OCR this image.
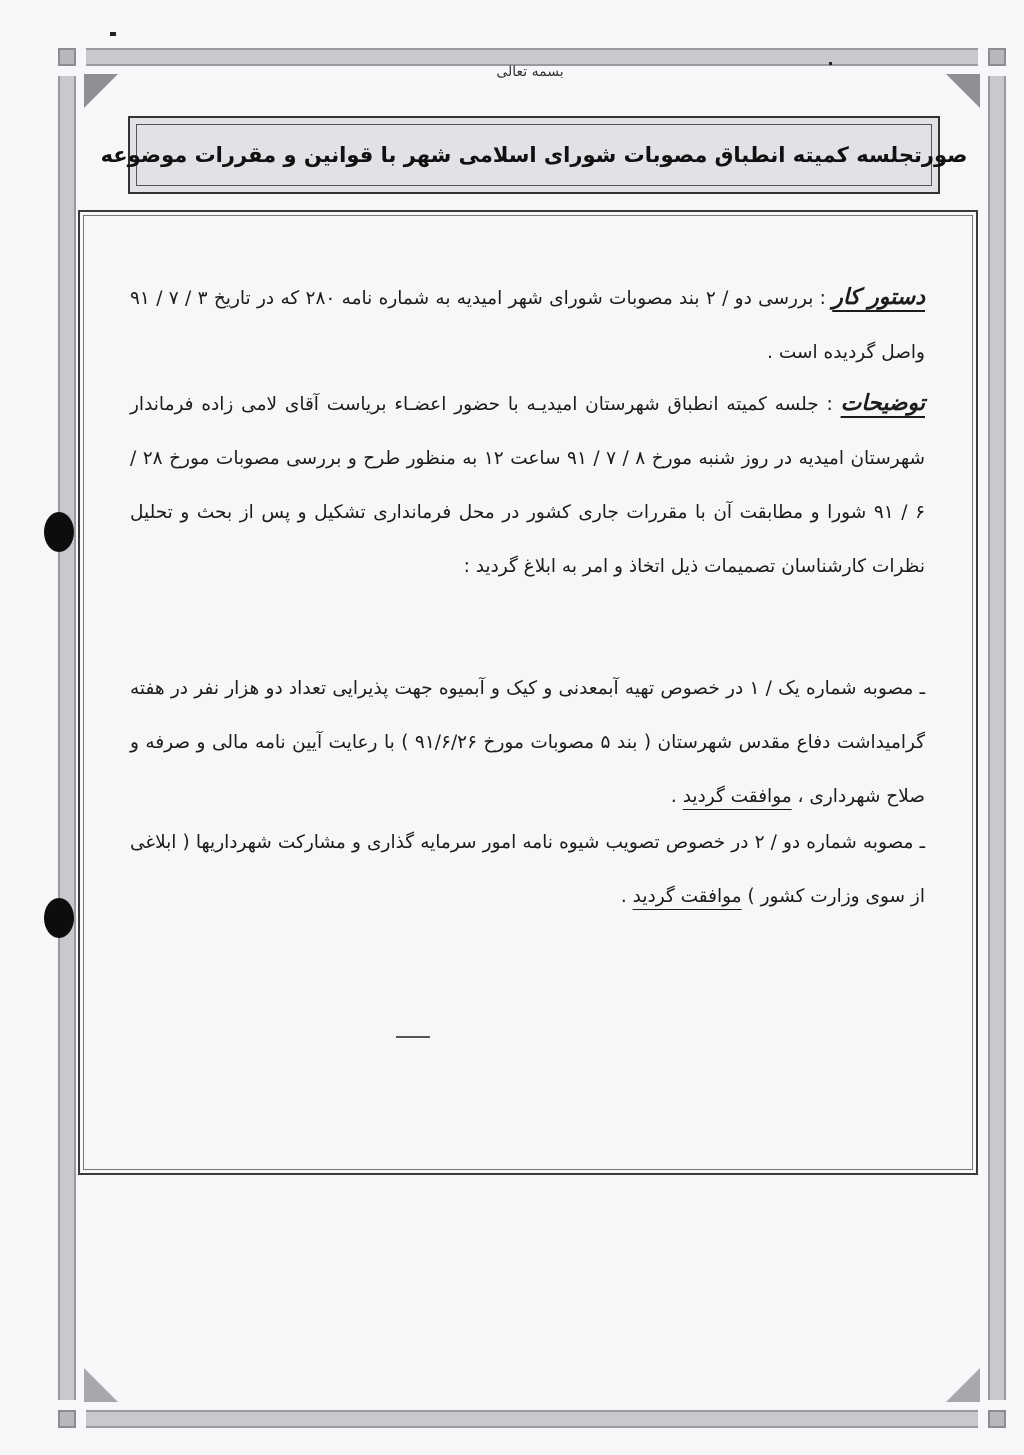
بسمه تعالی
صورتجلسه کمیته انطباق مصوبات شورای اسلامی شهر با قوانین و مقررات موضوعه
دستور کار : بررسی دو / ۲ بند مصوبات شورای شهر امیدیه به شماره نامه ۲۸۰ که در تاریخ ۳ / ۷ / ۹۱ واصل گردیده است .
توضیحات : جلسه کمیته انطباق شهرستان امیدیـه با حضور اعضـاء بریاست آقای لامی زاده فرماندار شهرستان امیدیه در روز شنبه مورخ ۸ / ۷ / ۹۱ ساعت ۱۲ به منظور طرح و بررسی مصوبات مورخ ۲۸ / ۶ / ۹۱ شورا و مطابقت آن با مقررات جاری کشور در محل فرمانداری تشکیل و پس از بحث و تحلیل نظرات کارشناسان تصمیمات ذیل اتخاذ و امر به ابلاغ گردید :
ـ مصوبه شماره یک / ۱ در خصوص تهیه آبمعدنی و کیک و آبمیوه جهت پذیرایی تعداد دو هزار نفر در هفته گرامیداشت دفاع مقدس شهرستان ( بند ۵ مصوبات مورخ ۹۱/۶/۲۶ ) با رعایت آیین نامه مالی و صرفه و صلاح شهرداری ، موافقت گردید .
ـ مصوبه شماره دو / ۲ در خصوص تصویب شیوه نامه امور سرمایه گذاری و مشارکت شهرداریها ( ابلاغی از سوی وزارت کشور ) موافقت گردید .
